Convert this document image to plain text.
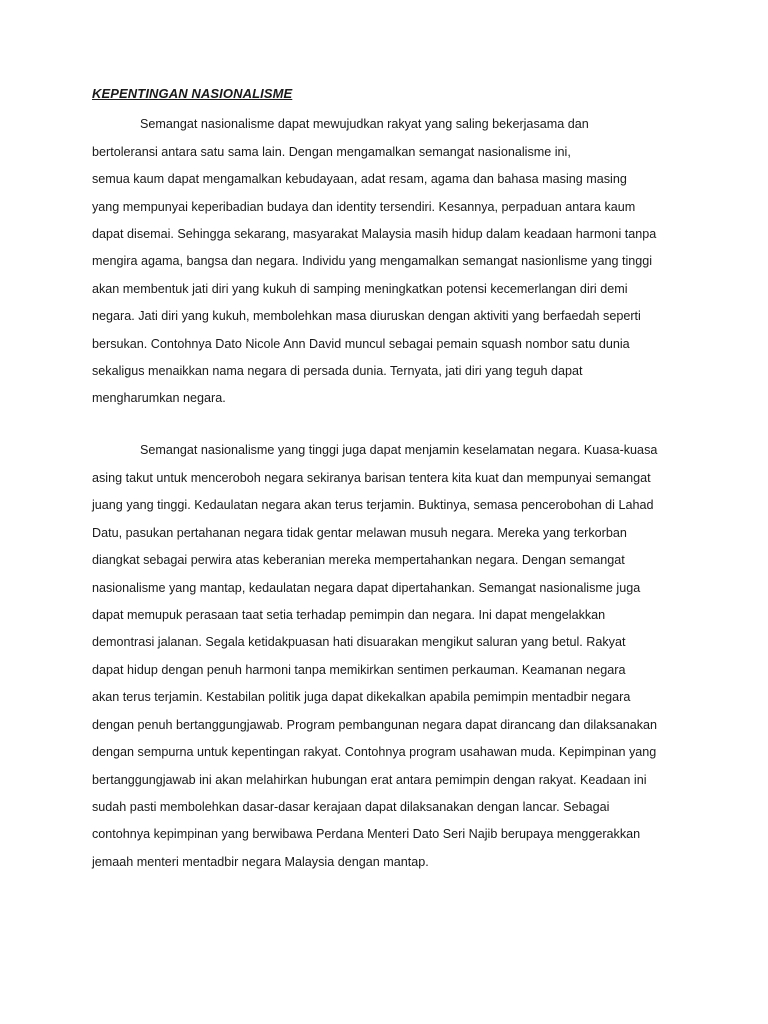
KEPENTINGAN NASIONALISME
Semangat nasionalisme dapat mewujudkan rakyat yang saling bekerjasama dan
bertoleransi antara satu sama lain. Dengan mengamalkan semangat nasionalisme ini,
semua kaum dapat mengamalkan kebudayaan, adat resam, agama dan bahasa masing masing
yang mempunyai keperibadian budaya dan identity tersendiri. Kesannya, perpaduan antara kaum
dapat disemai. Sehingga sekarang, masyarakat Malaysia masih hidup dalam keadaan harmoni tanpa
mengira agama, bangsa dan negara. Individu yang mengamalkan semangat nasionlisme yang tinggi
akan membentuk jati diri yang kukuh di samping meningkatkan potensi kecemerlangan diri demi
negara. Jati diri yang kukuh, membolehkan masa diuruskan dengan aktiviti yang berfaedah seperti
bersukan. Contohnya Dato Nicole Ann David muncul sebagai pemain squash nombor satu dunia
sekaligus menaikkan nama negara di persada dunia. Ternyata, jati diri yang teguh dapat
mengharumkan negara.
Semangat nasionalisme yang tinggi juga dapat menjamin keselamatan negara. Kuasa-kuasa
asing takut untuk menceroboh negara sekiranya barisan tentera kita kuat dan mempunyai semangat
juang yang tinggi. Kedaulatan negara akan terus terjamin. Buktinya, semasa pencerobohan di Lahad
Datu, pasukan pertahanan negara tidak gentar melawan musuh negara. Mereka yang terkorban
diangkat sebagai perwira atas keberanian mereka mempertahankan negara. Dengan semangat
nasionalisme yang mantap, kedaulatan negara dapat dipertahankan. Semangat nasionalisme juga
dapat memupuk perasaan taat setia terhadap pemimpin dan negara. Ini dapat mengelakkan
demontrasi jalanan. Segala ketidakpuasan hati disuarakan mengikut saluran yang betul. Rakyat
dapat hidup dengan penuh harmoni tanpa memikirkan sentimen perkauman. Keamanan negara
akan terus terjamin. Kestabilan politik juga dapat dikekalkan apabila pemimpin mentadbir negara
dengan penuh bertanggungjawab. Program pembangunan negara dapat dirancang dan dilaksanakan
dengan sempurna untuk kepentingan rakyat. Contohnya program usahawan muda. Kepimpinan yang
bertanggungjawab ini akan melahirkan hubungan erat antara pemimpin dengan rakyat. Keadaan ini
sudah pasti membolehkan dasar-dasar kerajaan dapat dilaksanakan dengan lancar. Sebagai
contohnya kepimpinan yang berwibawa Perdana Menteri Dato Seri Najib berupaya menggerakkan
jemaah menteri mentadbir negara Malaysia dengan mantap.
